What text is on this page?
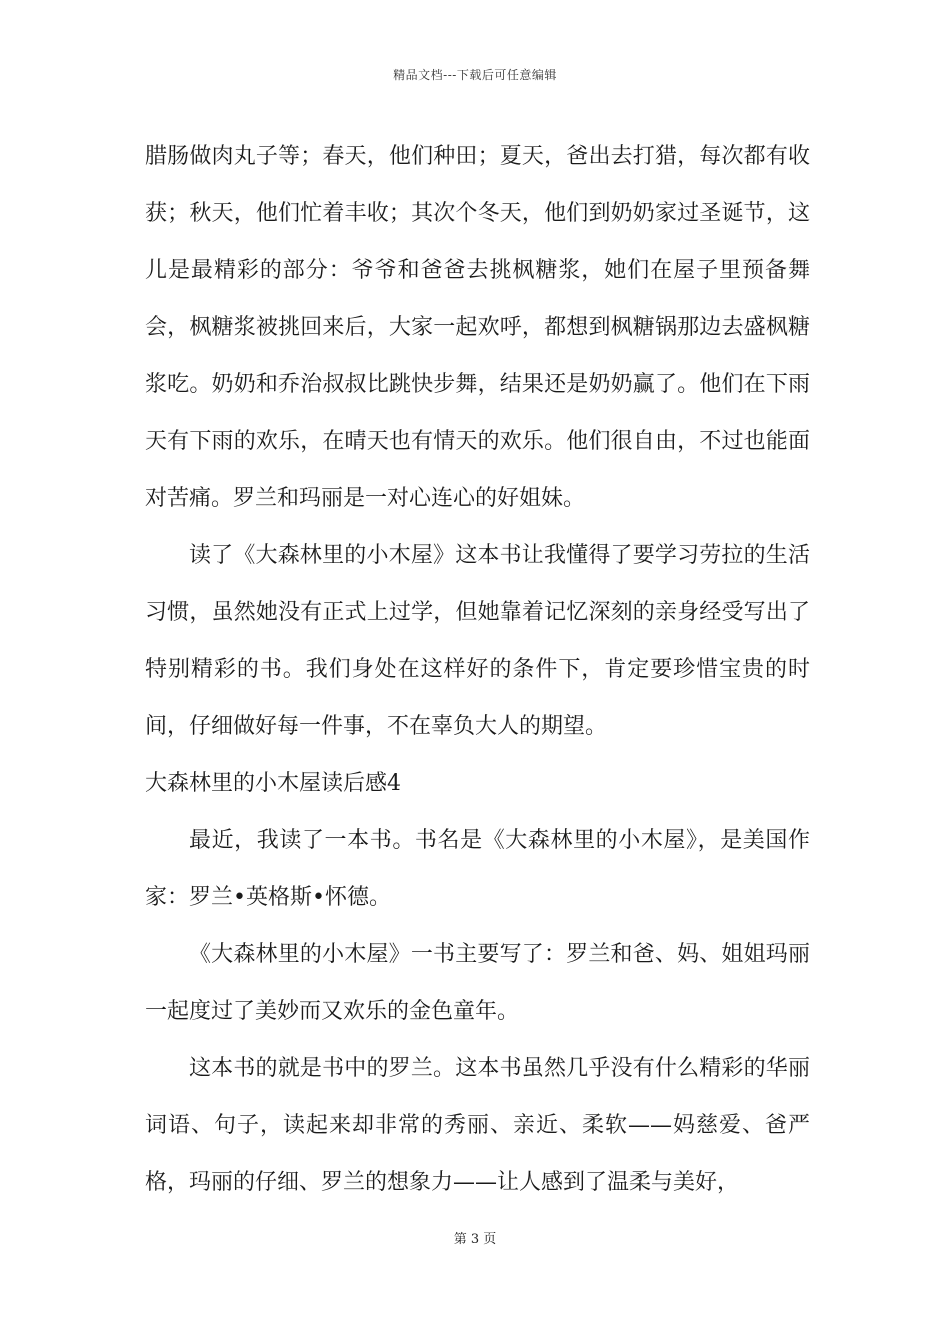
精品文档---下载后可任意编辑

腊肠做肉丸子等；春天，他们种田；夏天，爸出去打猎，每次都有收获；秋天，他们忙着丰收；其次个冬天，他们到奶奶家过圣诞节，这儿是最精彩的部分：爷爷和爸爸去挑枫糖浆，她们在屋子里预备舞会，枫糖浆被挑回来后，大家一起欢呼，都想到枫糖锅那边去盛枫糖浆吃。奶奶和乔治叔叔比跳快步舞，结果还是奶奶赢了。他们在下雨天有下雨的欢乐，在晴天也有情天的欢乐。他们很自由，不过也能面对苦痛。罗兰和玛丽是一对心连心的好姐妹。

读了《大森林里的小木屋》这本书让我懂得了要学习劳拉的生活习惯，虽然她没有正式上过学，但她靠着记忆深刻的亲身经受写出了特别精彩的书。我们身处在这样好的条件下，肯定要珍惜宝贵的时间，仔细做好每一件事，不在辜负大人的期望。

大森林里的小木屋读后感4

最近，我读了一本书。书名是《大森林里的小木屋》，是美国作家：罗兰•英格斯•怀德。

《大森林里的小木屋》一书主要写了：罗兰和爸、妈、姐姐玛丽一起度过了美妙而又欢乐的金色童年。

这本书的就是书中的罗兰。这本书虽然几乎没有什么精彩的华丽词语、句子，读起来却非常的秀丽、亲近、柔软——妈慈爱、爸严格，玛丽的仔细、罗兰的想象力——让人感到了温柔与美好，

第 3 页
